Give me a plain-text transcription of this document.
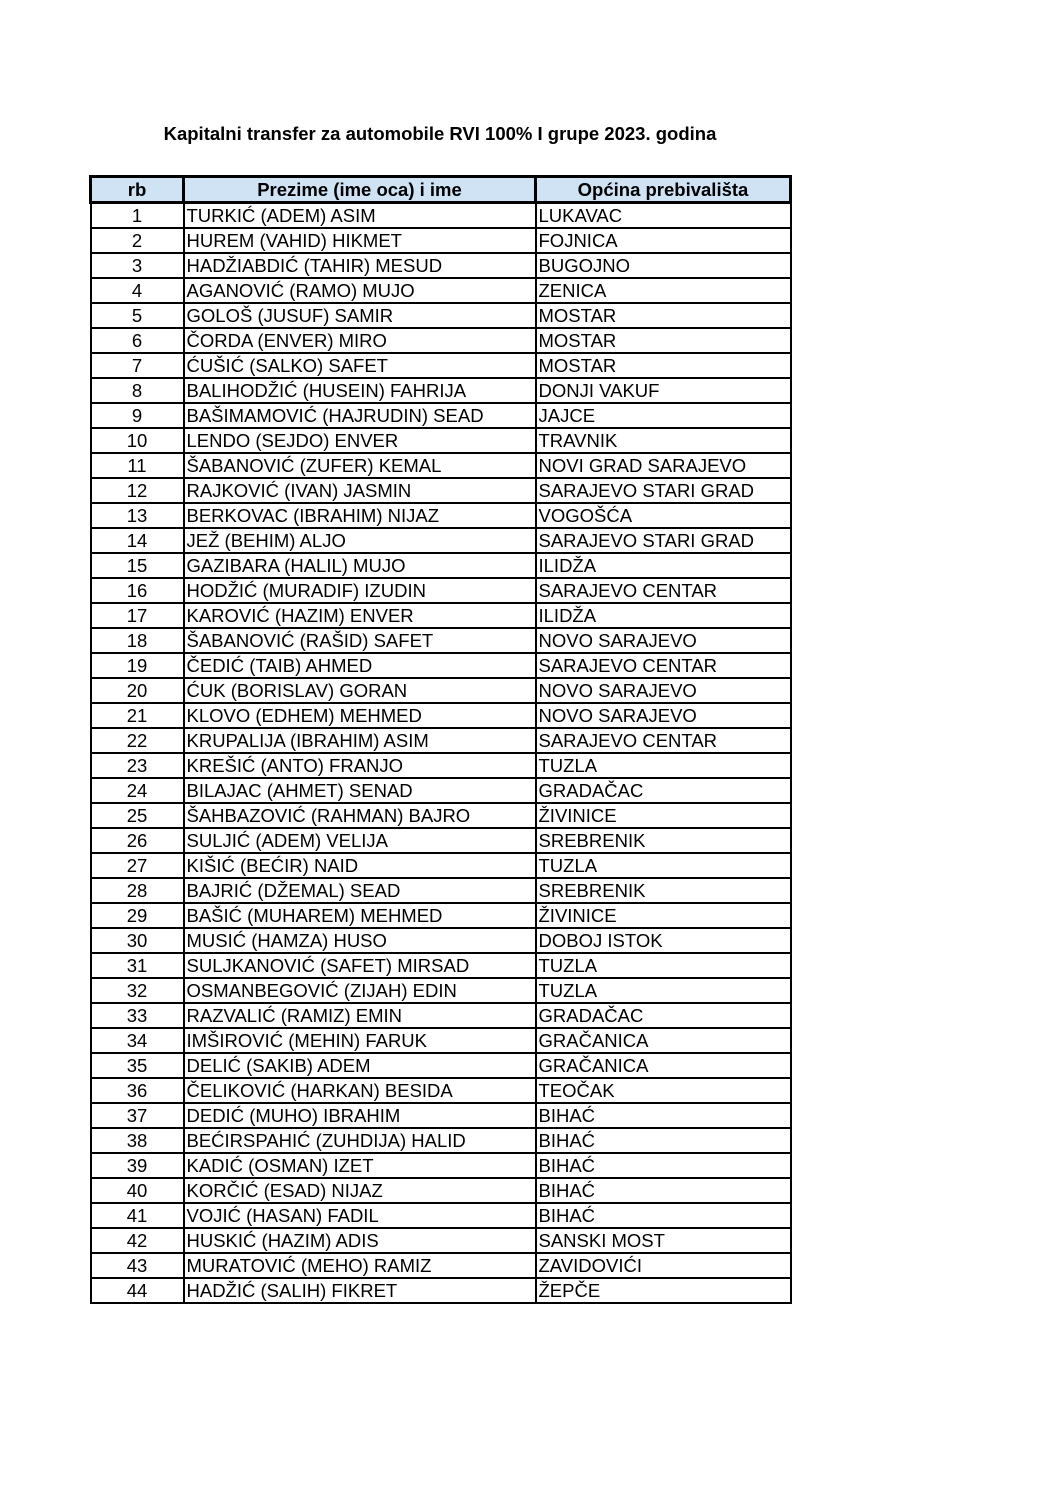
Kapitalni transfer za automobile RVI 100% I grupe 2023. godina
rb	Prezime (ime oca) i ime	Općina prebivališta
1	TURKIĆ (ADEM) ASIM	LUKAVAC
2	HUREM (VAHID) HIKMET	FOJNICA
3	HADŽIABDIĆ (TAHIR) MESUD	BUGOJNO
4	AGANOVIĆ (RAMO) MUJO	ZENICA
5	GOLOŠ (JUSUF) SAMIR	MOSTAR
6	ČORDA (ENVER) MIRO	MOSTAR
7	ĆUŠIĆ (SALKO) SAFET	MOSTAR
8	BALIHODŽIĆ (HUSEIN) FAHRIJA	DONJI VAKUF
9	BAŠIMAMOVIĆ (HAJRUDIN) SEAD	JAJCE
10	LENDO (SEJDO) ENVER	TRAVNIK
11	ŠABANOVIĆ (ZUFER) KEMAL	NOVI GRAD SARAJEVO
12	RAJKOVIĆ (IVAN) JASMIN	SARAJEVO STARI GRAD
13	BERKOVAC (IBRAHIM) NIJAZ	VOGOŠĆA
14	JEŽ (BEHIM) ALJO	SARAJEVO STARI GRAD
15	GAZIBARA (HALIL) MUJO	ILIDŽA
16	HODŽIĆ (MURADIF) IZUDIN	SARAJEVO CENTAR
17	KAROVIĆ (HAZIM) ENVER	ILIDŽA
18	ŠABANOVIĆ (RAŠID) SAFET	NOVO SARAJEVO
19	ČEDIĆ (TAIB) AHMED	SARAJEVO CENTAR
20	ĆUK (BORISLAV) GORAN	NOVO SARAJEVO
21	KLOVO (EDHEM) MEHMED	NOVO SARAJEVO
22	KRUPALIJA (IBRAHIM) ASIM	SARAJEVO CENTAR
23	KREŠIĆ (ANTO) FRANJO	TUZLA
24	BILAJAC (AHMET) SENAD	GRADAČAC
25	ŠAHBAZOVIĆ (RAHMAN) BAJRO	ŽIVINICE
26	SULJIĆ (ADEM) VELIJA	SREBRENIK
27	KIŠIĆ (BEĆIR) NAID	TUZLA
28	BAJRIĆ (DŽEMAL) SEAD	SREBRENIK
29	BAŠIĆ (MUHAREM) MEHMED	ŽIVINICE
30	MUSIĆ (HAMZA) HUSO	DOBOJ ISTOK
31	SULJKANOVIĆ (SAFET) MIRSAD	TUZLA
32	OSMANBEGOVIĆ (ZIJAH) EDIN	TUZLA
33	RAZVALIĆ (RAMIZ) EMIN	GRADAČAC
34	IMŠIROVIĆ (MEHIN) FARUK	GRAČANICA
35	DELIĆ (SAKIB) ADEM	GRAČANICA
36	ČELIKOVIĆ (HARKAN) BESIDA	TEOČAK
37	DEDIĆ (MUHO) IBRAHIM	BIHAĆ
38	BEĆIRSPAHIĆ (ZUHDIJA) HALID	BIHAĆ
39	KADIĆ (OSMAN) IZET	BIHAĆ
40	KORČIĆ (ESAD) NIJAZ	BIHAĆ
41	VOJIĆ (HASAN) FADIL	BIHAĆ
42	HUSKIĆ (HAZIM) ADIS	SANSKI MOST
43	MURATOVIĆ (MEHO) RAMIZ	ZAVIDOVIĆI
44	HADŽIĆ (SALIH) FIKRET	ŽEPČE
